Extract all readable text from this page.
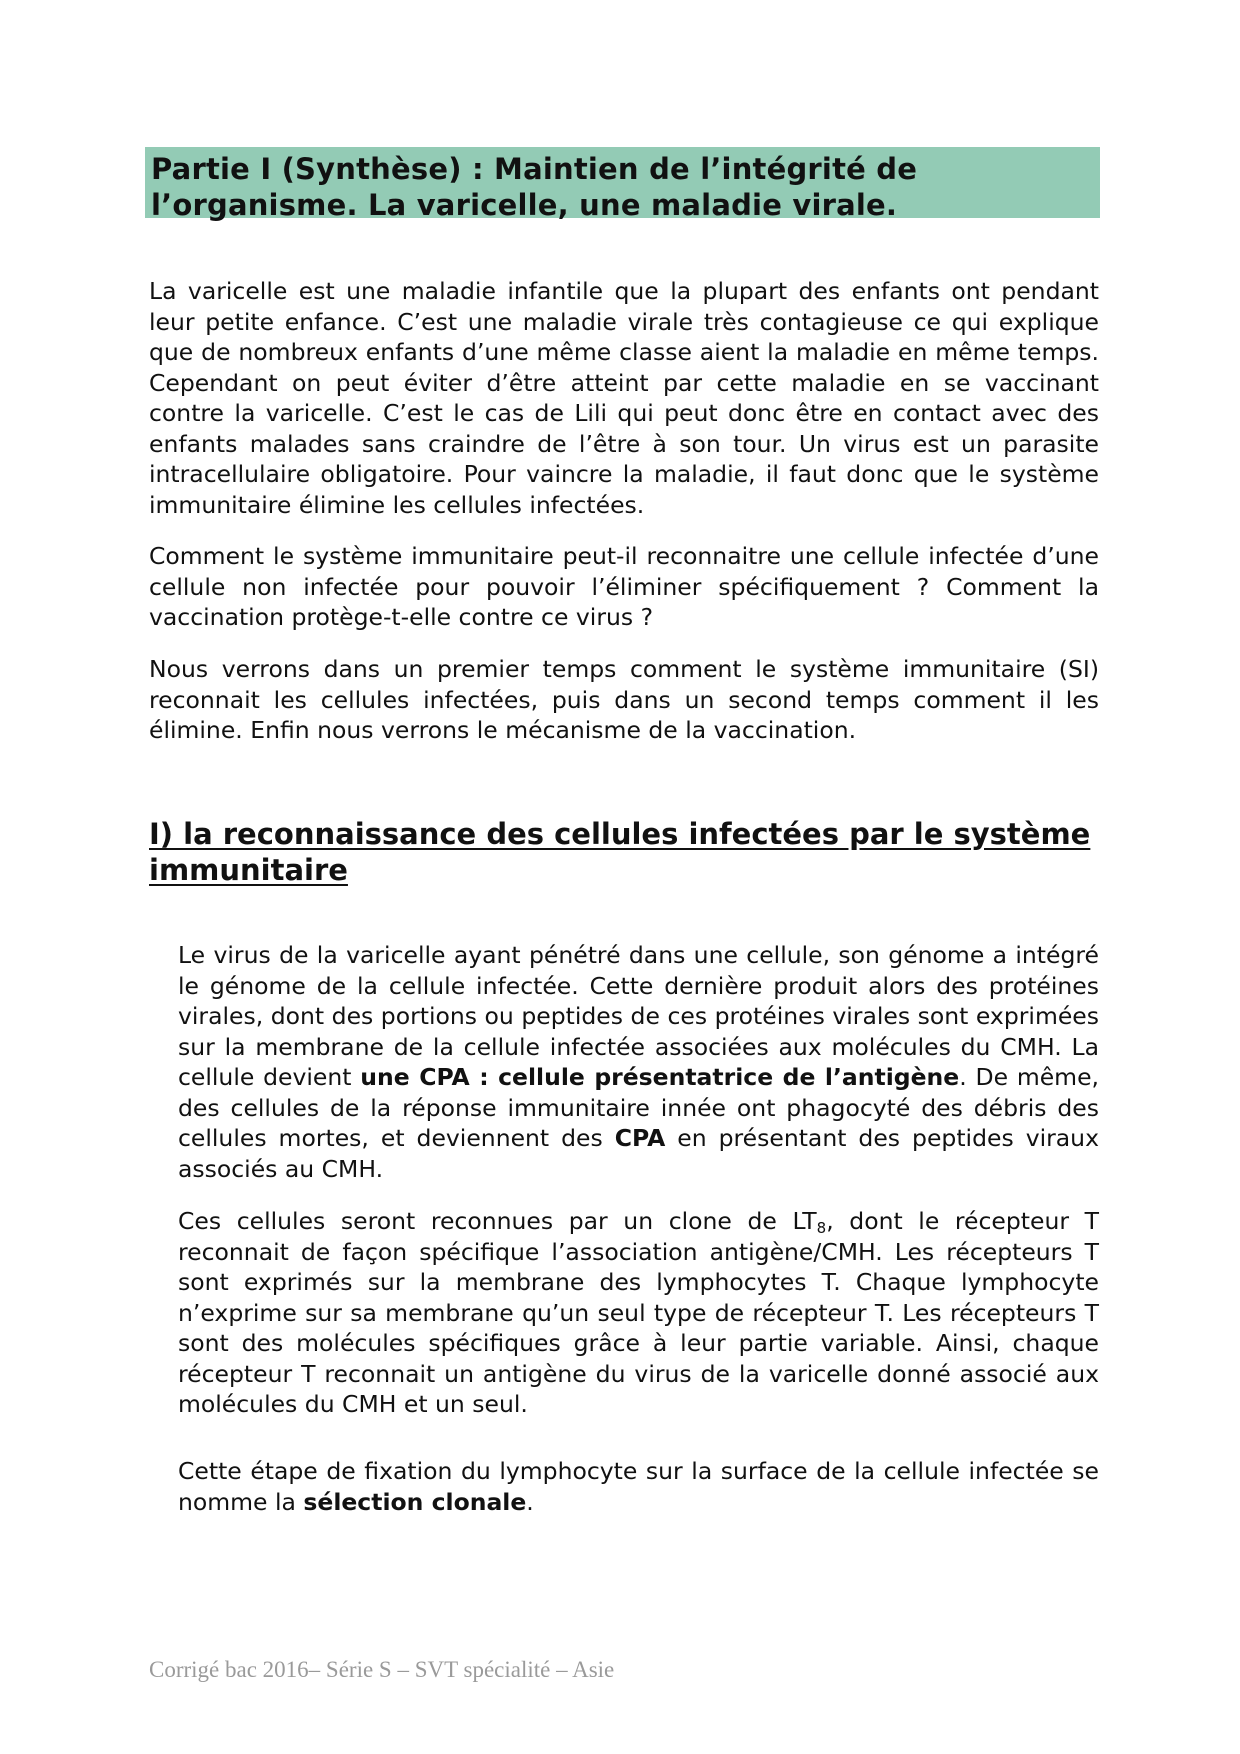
Partie I (Synthèse) : Maintien de l’intégrité de
l’organisme. La varicelle, une maladie virale.

La varicelle est une maladie infantile que la plupart des enfants ont pendant leur petite enfance. C’est une maladie virale très contagieuse ce qui explique que de nombreux enfants d’une même classe aient la maladie en même temps. Cependant on peut éviter d’être atteint par cette maladie en se vaccinant contre la varicelle. C’est le cas de Lili qui peut donc être en contact avec des enfants malades sans craindre de l’être à son tour. Un virus est un parasite intracellulaire obligatoire. Pour vaincre la maladie, il faut donc que le système immunitaire élimine les cellules infectées.

Comment le système immunitaire peut-il reconnaitre une cellule infectée d’une cellule non infectée pour pouvoir l’éliminer spécifiquement ? Comment la vaccination protège-t-elle contre ce virus ?

Nous verrons dans un premier temps comment le système immunitaire (SI) reconnait les cellules infectées, puis dans un second temps comment il les élimine. Enfin nous verrons le mécanisme de la vaccination.

I) la reconnaissance des cellules infectées par le système
immunitaire

Le virus de la varicelle ayant pénétré dans une cellule, son génome a intégré le génome de la cellule infectée. Cette dernière produit alors des protéines virales, dont des portions ou peptides de ces protéines virales sont exprimées sur la membrane de la cellule infectée associées aux molécules du CMH. La cellule devient une CPA : cellule présentatrice de l’antigène. De même, des cellules de la réponse immunitaire innée ont phagocyté des débris des cellules mortes, et deviennent des CPA en présentant des peptides viraux associés au CMH.

Ces cellules seront reconnues par un clone de $LT_8$, dont le récepteur T reconnait de façon spécifique l’association antigène/CMH. Les récepteurs T sont exprimés sur la membrane des lymphocytes T. Chaque lymphocyte n’exprime sur sa membrane qu’un seul type de récepteur T. Les récepteurs T sont des molécules spécifiques grâce à leur partie variable. Ainsi, chaque récepteur T reconnait un antigène du virus de la varicelle donné associé aux molécules du CMH et un seul.

Cette étape de fixation du lymphocyte sur la surface de la cellule infectée se nomme la sélection clonale.

Corrigé bac 2016– Série S – SVT spécialité – Asie
